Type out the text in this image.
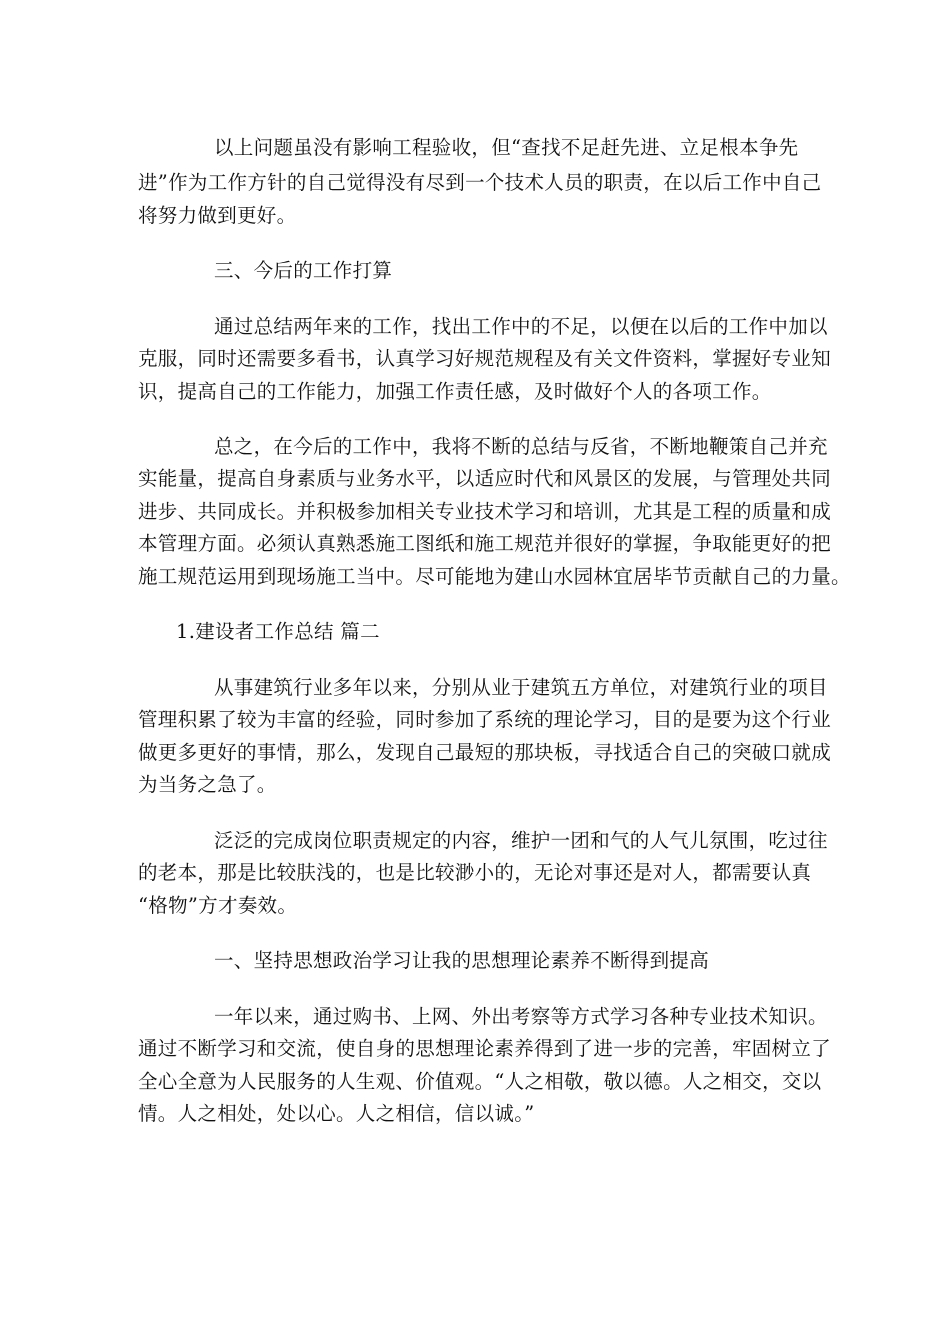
以上问题虽没有影响工程验收，但“查找不足赶先进、立足根本争先
进”作为工作方针的自己觉得没有尽到一个技术人员的职责，在以后工作中自己
将努力做到更好。
三、今后的工作打算
通过总结两年来的工作，找出工作中的不足，以便在以后的工作中加以
克服，同时还需要多看书，认真学习好规范规程及有关文件资料，掌握好专业知
识，提高自己的工作能力，加强工作责任感，及时做好个人的各项工作。
总之，在今后的工作中，我将不断的总结与反省，不断地鞭策自己并充
实能量，提高自身素质与业务水平，以适应时代和风景区的发展，与管理处共同
进步、共同成长。并积极参加相关专业技术学习和培训，尤其是工程的质量和成
本管理方面。必须认真熟悉施工图纸和施工规范并很好的掌握，争取能更好的把
施工规范运用到现场施工当中。尽可能地为建山水园林宜居毕节贡献自己的力量。
1.建设者工作总结 篇二
从事建筑行业多年以来，分别从业于建筑五方单位，对建筑行业的项目
管理积累了较为丰富的经验，同时参加了系统的理论学习，目的是要为这个行业
做更多更好的事情，那么，发现自己最短的那块板，寻找适合自己的突破口就成
为当务之急了。
泛泛的完成岗位职责规定的内容，维护一团和气的人气儿氛围，吃过往
的老本，那是比较肤浅的，也是比较渺小的，无论对事还是对人，都需要认真
“格物”方才奏效。
一、坚持思想政治学习让我的思想理论素养不断得到提高
一年以来，通过购书、上网、外出考察等方式学习各种专业技术知识。
通过不断学习和交流，使自身的思想理论素养得到了进一步的完善，牢固树立了
全心全意为人民服务的人生观、价值观。“人之相敬，敬以德。人之相交，交以
情。人之相处，处以心。人之相信，信以诚。”
